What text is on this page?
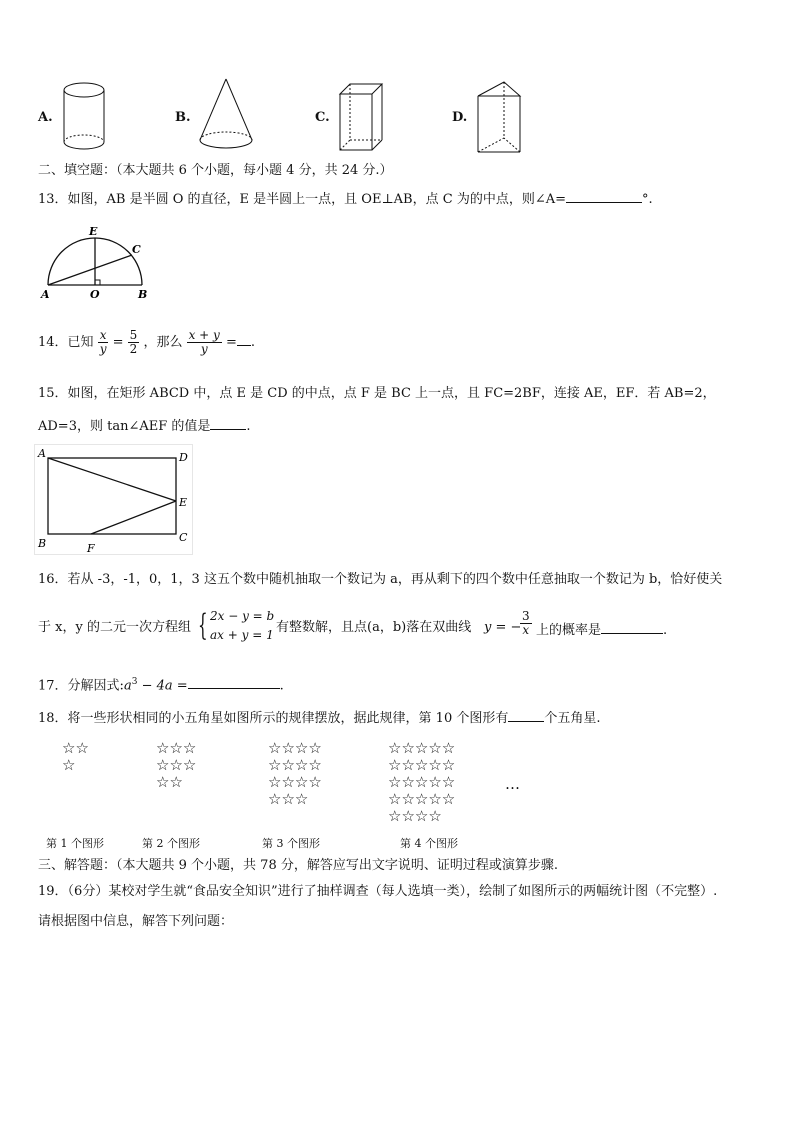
A.	B.	C.	D.
二、填空题：（本大题共 6 个小题，每小题 4 分，共 24 分.）
13．如图，AB 是半圆 O 的直径，E 是半圆上一点，且 OE⊥AB，点 C 为的中点，则∠A=	°.
E
C
A	O	B
14．已知 $\frac{x}{y} = \frac{5}{2}$ ，那么 $\frac{x + y}{y}$ = .
15．如图，在矩形 ABCD 中，点 E 是 CD 的中点，点 F 是 BC 上一点，且 FC=2BF，连接 AE，EF．若 AB=2，
AD=3，则 tan∠AEF 的值是	.
A	D
E
B	F
C
16．若从 -3，-1，0，1，3 这五个数中随机抽取一个数记为 a，再从剩下的四个数中任意抽取一个数记为 b，恰好使关
于 x，y 的二元一次方程组 { 2x − y = b
ax + y = 1 有整数解，且点(a，b)落在双曲线 y = −
$\frac{3}{x}$ 上的概率是	.
17．分解因式$:a^3 - 4a$ =	.
18．将一些形状相同的小五角星如图所示的规律摆放，据此规律，第 10 个图形有	个五角星.
☆☆
☆
☆☆☆
☆☆☆
☆☆
☆☆☆☆
☆☆☆☆
☆☆☆☆
☆☆☆
☆☆☆☆☆
☆☆☆☆☆
☆☆☆☆☆
☆☆☆☆☆
☆☆☆☆
…
第 1 个图形	第 2 个图形	第 3 个图形	第 4 个图形
三、解答题：（本大题共 9 个小题，共 78 分，解答应写出文字说明、证明过程或演算步骤.
19．（6分）某校对学生就“食品安全知识”进行了抽样调查（每人选填一类），绘制了如图所示的两幅统计图（不完整）.
请根据图中信息，解答下列问题：
